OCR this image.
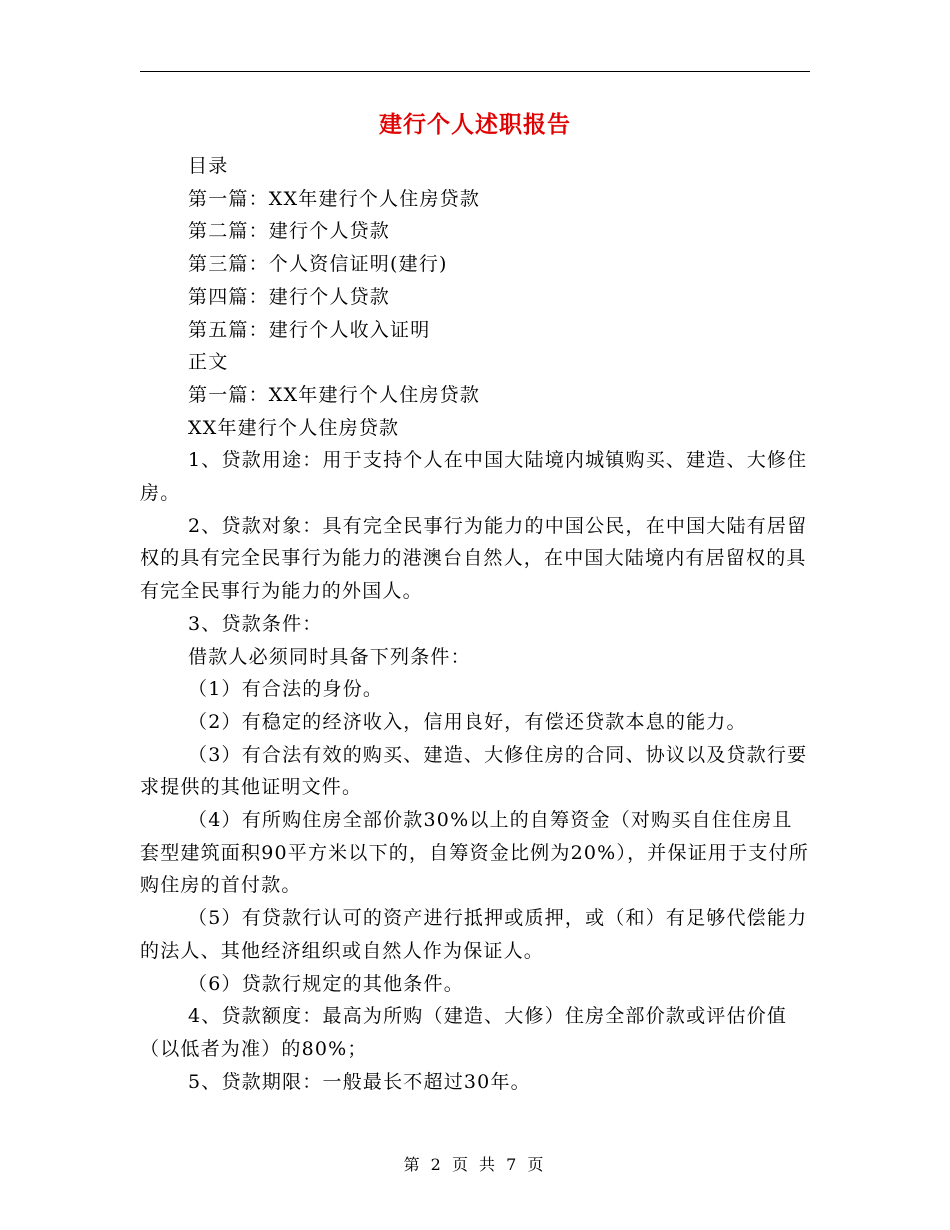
建行个人述职报告

目录

第一篇：XX年建行个人住房贷款

第二篇：建行个人贷款

第三篇：个人资信证明(建行)

第四篇：建行个人贷款

第五篇：建行个人收入证明

正文

第一篇：XX年建行个人住房贷款

XX年建行个人住房贷款

1、贷款用途：用于支持个人在中国大陆境内城镇购买、建造、大修住房。

2、贷款对象：具有完全民事行为能力的中国公民，在中国大陆有居留权的具有完全民事行为能力的港澳台自然人，在中国大陆境内有居留权的具有完全民事行为能力的外国人。

3、贷款条件：

借款人必须同时具备下列条件：

（1）有合法的身份。

（2）有稳定的经济收入，信用良好，有偿还贷款本息的能力。

（3）有合法有效的购买、建造、大修住房的合同、协议以及贷款行要求提供的其他证明文件。

（4）有所购住房全部价款30%以上的自筹资金（对购买自住住房且套型建筑面积90平方米以下的，自筹资金比例为20%），并保证用于支付所购住房的首付款。

（5）有贷款行认可的资产进行抵押或质押，或（和）有足够代偿能力的法人、其他经济组织或自然人作为保证人。

（6）贷款行规定的其他条件。

4、贷款额度：最高为所购（建造、大修）住房全部价款或评估价值（以低者为准）的80%；

5、贷款期限：一般最长不超过30年。

第 2 页 共 7 页
